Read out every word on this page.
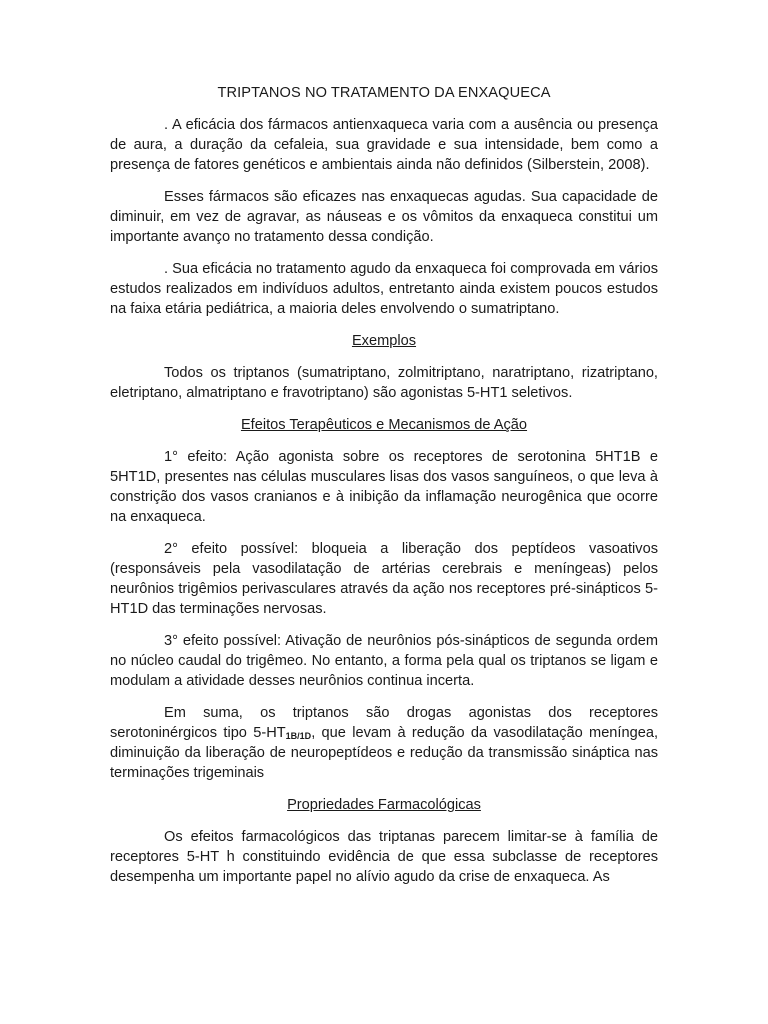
TRIPTANOS NO TRATAMENTO DA ENXAQUECA

. A eficácia dos fármacos antienxaqueca varia com a ausência ou presença de aura, a duração da cefaleia, sua gravidade e sua intensidade, bem como a presença de fatores genéticos e ambientais ainda não definidos (Silberstein, 2008).

Esses fármacos são eficazes nas enxaquecas agudas. Sua capacidade de diminuir, em vez de agravar, as náuseas e os vômitos da enxaqueca constitui um importante avanço no tratamento dessa condição.

. Sua eficácia no tratamento agudo da enxaqueca foi comprovada em vários estudos realizados em indivíduos adultos, entretanto ainda existem poucos estudos na faixa etária pediátrica, a maioria deles envolvendo o sumatriptano.

Exemplos

Todos os triptanos (sumatriptano, zolmitriptano, naratriptano, rizatriptano, eletriptano, almatriptano e fravotriptano) são agonistas 5-HT1 seletivos.

Efeitos Terapêuticos e Mecanismos de Ação

1° efeito: Ação agonista sobre os receptores de serotonina 5HT1B e 5HT1D, presentes nas células musculares lisas dos vasos sanguíneos, o que leva à constrição dos vasos cranianos e à inibição da inflamação neurogênica que ocorre na enxaqueca.

2° efeito possível: bloqueia a liberação dos peptídeos vasoativos (responsáveis pela vasodilatação de artérias cerebrais e meníngeas) pelos neurônios trigêmios perivasculares através da ação nos receptores pré-sinápticos 5- HT1D das terminações nervosas.

3° efeito possível: Ativação de neurônios pós-sinápticos de segunda ordem no núcleo caudal do trigêmeo. No entanto, a forma pela qual os triptanos se ligam e modulam a atividade desses neurônios continua incerta.

Em suma, os triptanos são drogas agonistas dos receptores serotoninérgicos tipo $5-HT_{1B/1D}$, que levam à redução da vasodilatação meníngea, diminuição da liberação de neuropeptídeos e redução da transmissão sináptica nas terminações trigeminais

Propriedades Farmacológicas

Os efeitos farmacológicos das triptanas parecem limitar-se à família de receptores 5-HT h constituindo evidência de que essa subclasse de receptores desempenha um importante papel no alívio agudo da crise de enxaqueca. As
